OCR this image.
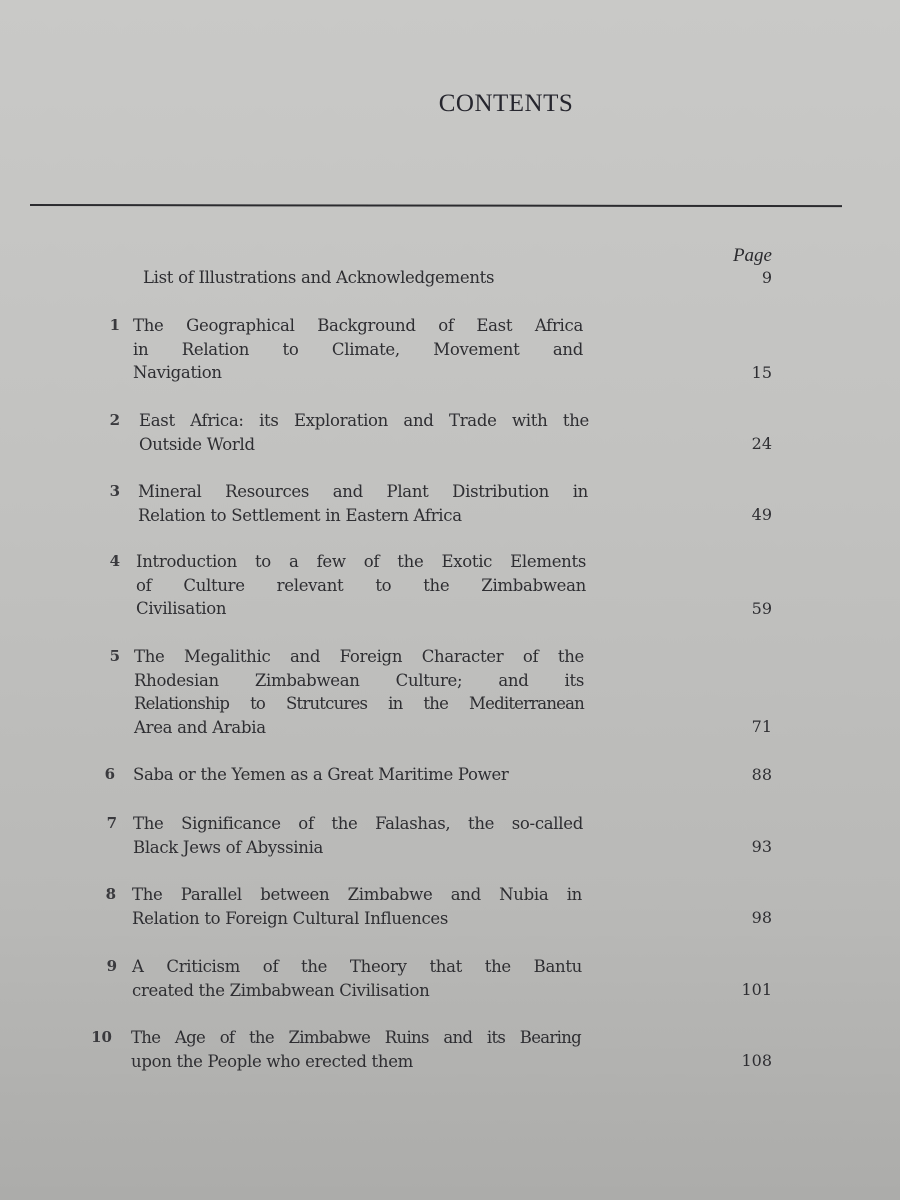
CONTENTS
Page
List of Illustrations and Acknowledgements	9
1 The Geographical Background of East Africa
in Relation to Climate, Movement and
Navigation	15
2 East Africa: its Exploration and Trade with the
Outside World	24
3 Mineral Resources and Plant Distribution in
Relation to Settlement in Eastern Africa	49
4 Introduction to a few of the Exotic Elements
of Culture relevant to the Zimbabwean
Civilisation	59
5 The Megalithic and Foreign Character of the
Rhodesian Zimbabwean Culture; and its
Relationship to Strutcures in the Mediterranean
Area and Arabia	71
6 Saba or the Yemen as a Great Maritime Power	88
7 The Significance of the Falashas, the so-called
Black Jews of Abyssinia	93
8 The Parallel between Zimbabwe and Nubia in
Relation to Foreign Cultural Influences	98
9 A Criticism of the Theory that the Bantu
created the Zimbabwean Civilisation	101
10 The Age of the Zimbabwe Ruins and its Bearing
upon the People who erected them	108
